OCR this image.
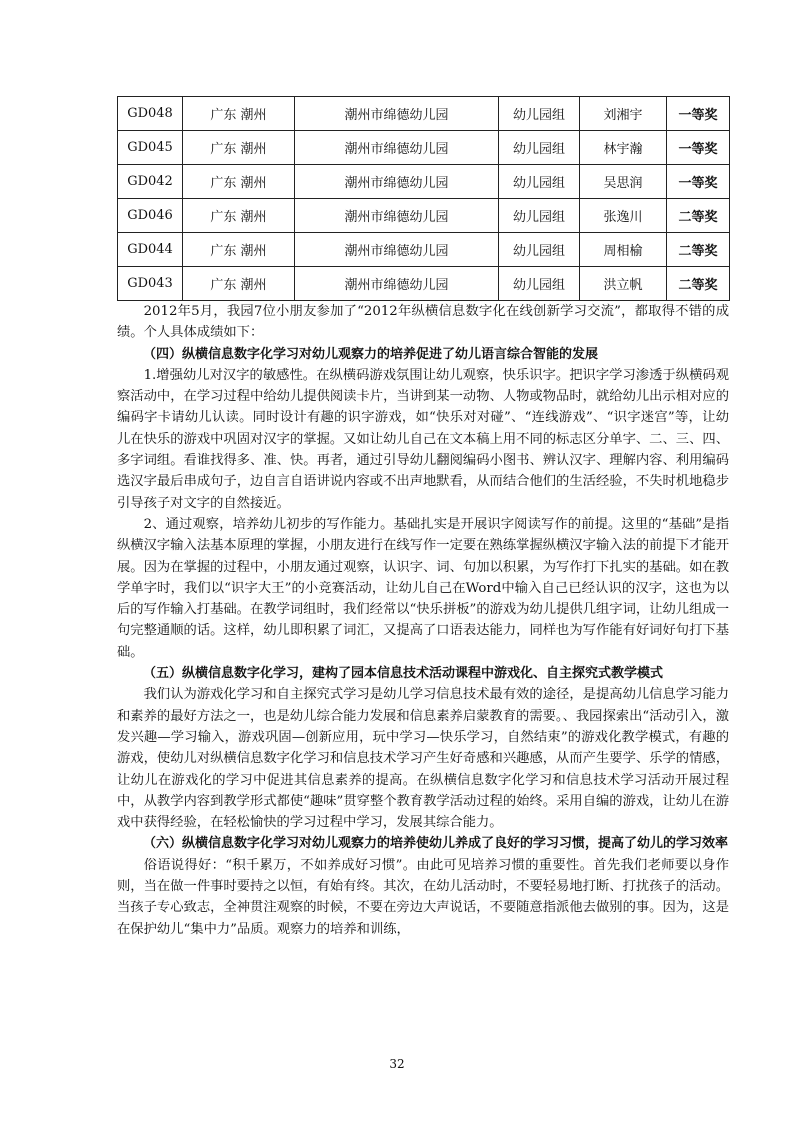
GD048	广东 潮州	潮州市绵德幼儿园	幼儿园组	刘湘宇	一等奖
GD045	广东 潮州	潮州市绵德幼儿园	幼儿园组	林宇瀚	一等奖
GD042	广东 潮州	潮州市绵德幼儿园	幼儿园组	吴思润	一等奖
GD046	广东 潮州	潮州市绵德幼儿园	幼儿园组	张逸川	二等奖
GD044	广东 潮州	潮州市绵德幼儿园	幼儿园组	周相榆	二等奖
GD043	广东 潮州	潮州市绵德幼儿园	幼儿园组	洪立帆	二等奖

2012年5月，我园7位小朋友参加了“2012年纵横信息数字化在线创新学习交流”，都取得不错的成绩。个人具体成绩如下：

（四）纵横信息数字化学习对幼儿观察力的培养促进了幼儿语言综合智能的发展

1.增强幼儿对汉字的敏感性。在纵横码游戏氛围让幼儿观察，快乐识字。把识字学习渗透于纵横码观察活动中，在学习过程中给幼儿提供阅读卡片，当讲到某一动物、人物或物品时，就给幼儿出示相对应的编码字卡请幼儿认读。同时设计有趣的识字游戏，如“快乐对对碰”、“连线游戏”、“识字迷宫”等，让幼儿在快乐的游戏中巩固对汉字的掌握。又如让幼儿自己在文本稿上用不同的标志区分单字、二、三、四、多字词组。看谁找得多、准、快。再者，通过引导幼儿翻阅编码小图书、辨认汉字、理解内容、利用编码选汉字最后串成句子，边自言自语讲说内容或不出声地默看，从而结合他们的生活经验，不失时机地稳步引导孩子对文字的自然接近。

2、通过观察，培养幼儿初步的写作能力。基础扎实是开展识字阅读写作的前提。这里的“基础”是指纵横汉字输入法基本原理的掌握，小朋友进行在线写作一定要在熟练掌握纵横汉字输入法的前提下才能开展。因为在掌握的过程中，小朋友通过观察，认识字、词、句加以积累，为写作打下扎实的基础。如在教学单字时，我们以“识字大王”的小竞赛活动，让幼儿自己在Word中输入自己已经认识的汉字，这也为以后的写作输入打基础。在教学词组时，我们经常以“快乐拼板”的游戏为幼儿提供几组字词，让幼儿组成一句完整通顺的话。这样，幼儿即积累了词汇，又提高了口语表达能力，同样也为写作能有好词好句打下基础。

（五）纵横信息数字化学习，建构了园本信息技术活动课程中游戏化、自主探究式教学模式

我们认为游戏化学习和自主探究式学习是幼儿学习信息技术最有效的途径，是提高幼儿信息学习能力和素养的最好方法之一，也是幼儿综合能力发展和信息素养启蒙教育的需要。、我园探索出“活动引入，激发兴趣—学习输入，游戏巩固—创新应用，玩中学习—快乐学习，自然结束”的游戏化教学模式，有趣的游戏，使幼儿对纵横信息数字化学习和信息技术学习产生好奇感和兴趣感，从而产生要学、乐学的情感，让幼儿在游戏化的学习中促进其信息素养的提高。在纵横信息数字化学习和信息技术学习活动开展过程中，从教学内容到教学形式都使“趣味”贯穿整个教育教学活动过程的始终。采用自编的游戏，让幼儿在游戏中获得经验，在轻松愉快的学习过程中学习，发展其综合能力。

（六）纵横信息数字化学习对幼儿观察力的培养使幼儿养成了良好的学习习惯，提高了幼儿的学习效率

俗语说得好：“积千累万，不如养成好习惯”。由此可见培养习惯的重要性。首先我们老师要以身作则，当在做一件事时要持之以恒，有始有终。其次，在幼儿活动时，不要轻易地打断、打扰孩子的活动。当孩子专心致志，全神贯注观察的时候，不要在旁边大声说话，不要随意指派他去做别的事。因为，这是在保护幼儿“集中力”品质。观察力的培养和训练，

32
